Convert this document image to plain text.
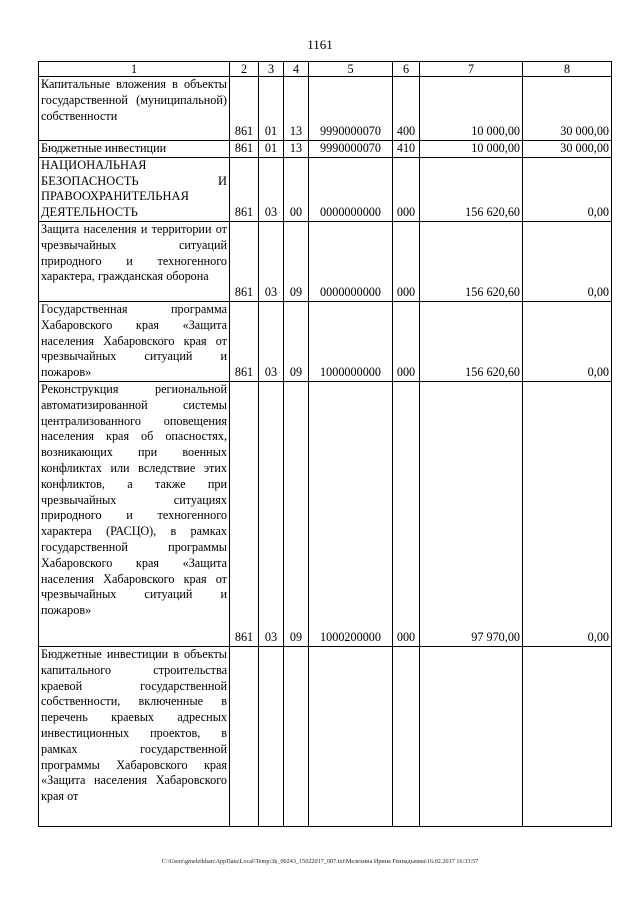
1161
1	2	3	4	5	6	7	8
Капитальные вложения в объекты государственной (муниципальной) собственности	861	01	13	9990000070	400	10 000,00	30 000,00
Бюджетные инвестиции	861	01	13	9990000070	410	10 000,00	30 000,00
НАЦИОНАЛЬНАЯ БЕЗОПАСНОСТЬ И ПРАВООХРАНИТЕЛЬНАЯ ДЕЯТЕЛЬНОСТЬ	861	03	00	0000000000	000	156 620,60	0,00
Защита населения и территории от чрезвычайных ситуаций природного и техногенного характера, гражданская оборона	861	03	09	0000000000	000	156 620,60	0,00
Государственная программа Хабаровского края «Защита населения Хабаровского края от чрезвычайных ситуаций и пожаров»	861	03	09	1000000000	000	156 620,60	0,00
Реконструкция региональной автоматизированной системы централизованного оповещения населения края об опасностях, возникающих при военных конфликтах или вследствие этих конфликтов, а также при чрезвычайных ситуациях природного и техногенного характера (РАСЦО), в рамках государственной программы Хабаровского края «Защита населения Хабаровского края от чрезвычайных ситуаций и пожаров»	861	03	09	1000200000	000	97 970,00	0,00
Бюджетные инвестиции в объекты капитального строительства краевой государственной собственности, включенные в перечень краевых адресных инвестиционных проектов, в рамках государственной программы Хабаровского края «Защита населения Хабаровского края от							
C:\Users\gmeleikhan\AppData\Local\Temp\3k_00243_15022017_007.txt\Мелехина Ирина Геннадьевна\16.02.2017 16:33:57
